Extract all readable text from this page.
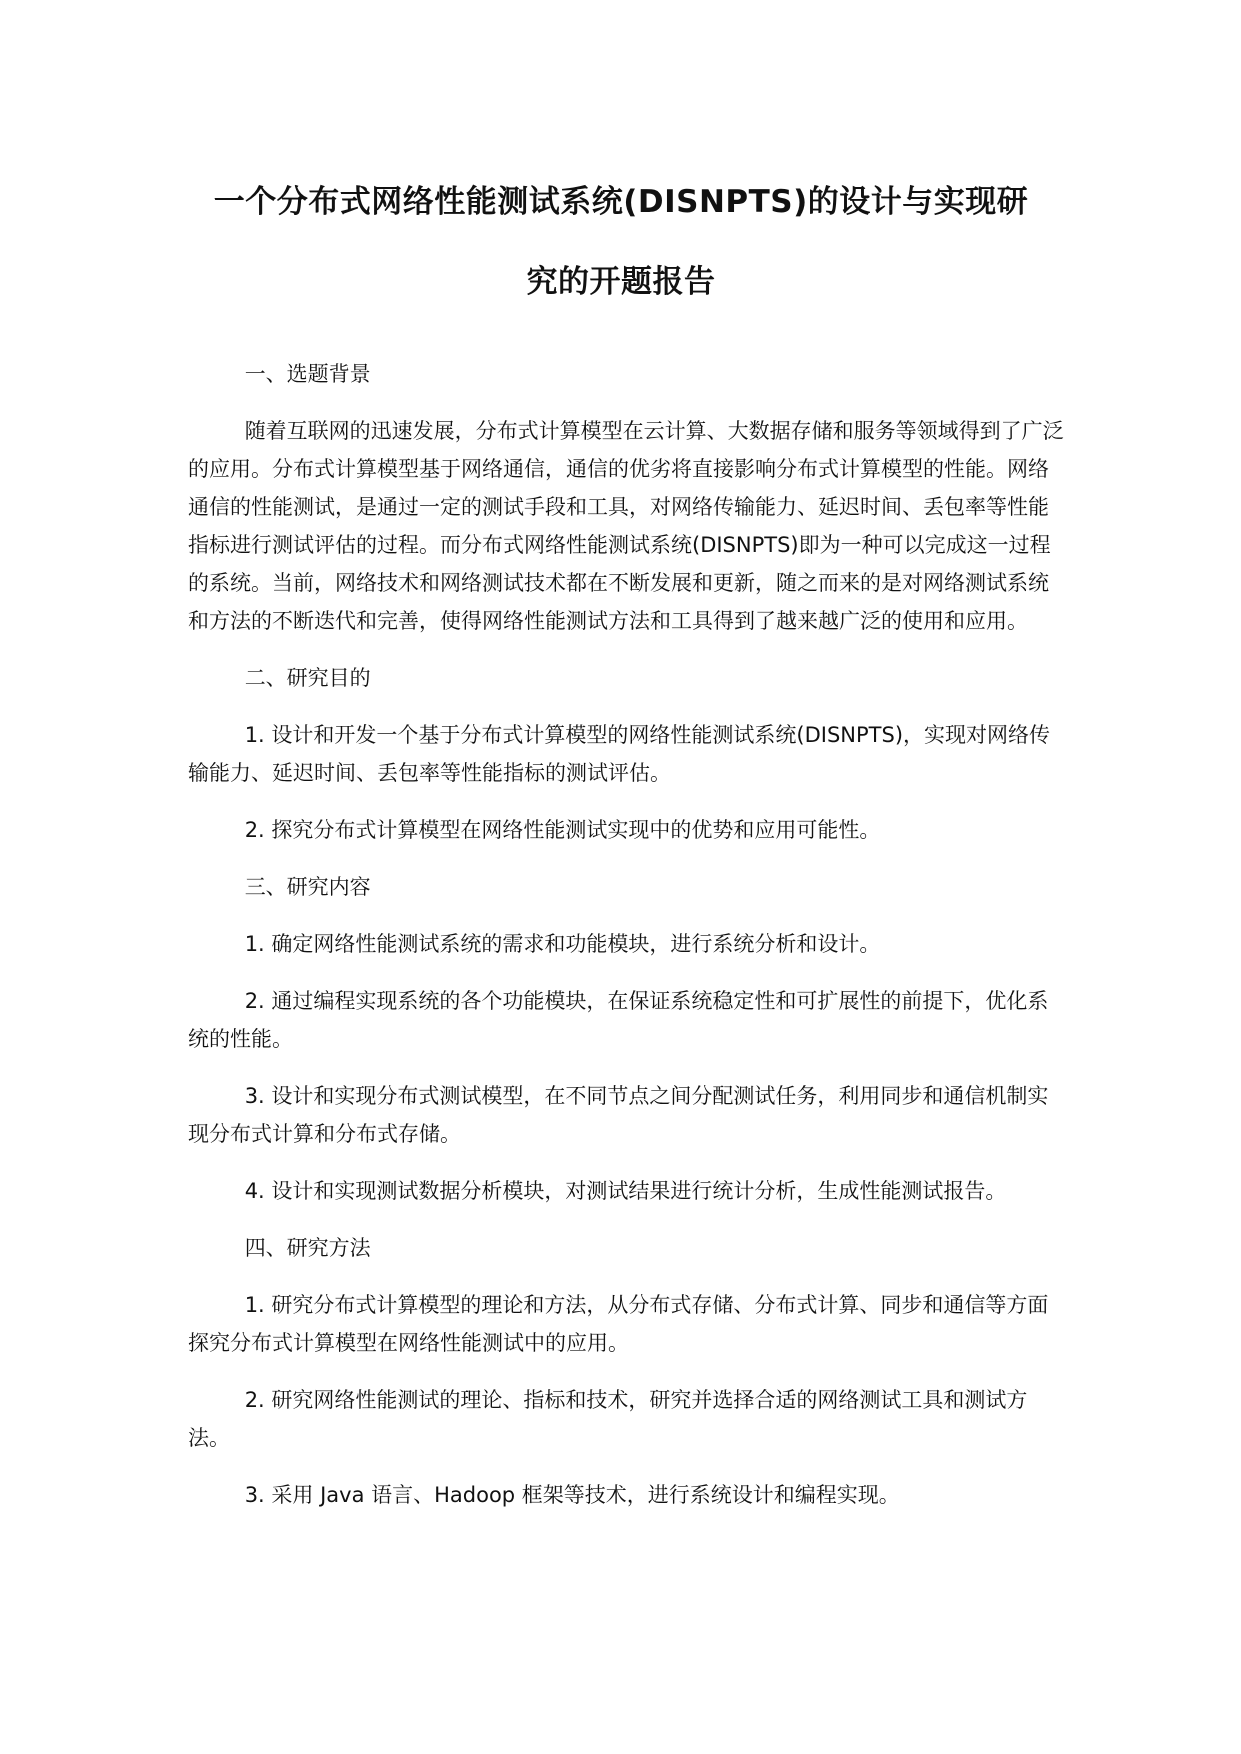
一个分布式网络性能测试系统(DISNPTS)的设计与实现研
究的开题报告
一、选题背景

随着互联网的迅速发展，分布式计算模型在云计算、大数据存储和服务等领域得到了广泛的应用。分布式计算模型基于网络通信，通信的优劣将直接影响分布式计算模型的性能。网络通信的性能测试，是通过一定的测试手段和工具，对网络传输能力、延迟时间、丢包率等性能指标进行测试评估的过程。而分布式网络性能测试系统(DISNPTS)即为一种可以完成这一过程的系统。当前，网络技术和网络测试技术都在不断发展和更新，随之而来的是对网络测试系统和方法的不断迭代和完善，使得网络性能测试方法和工具得到了越来越广泛的使用和应用。

二、研究目的

1. 设计和开发一个基于分布式计算模型的网络性能测试系统(DISNPTS)，实现对网络传输能力、延迟时间、丢包率等性能指标的测试评估。

2. 探究分布式计算模型在网络性能测试实现中的优势和应用可能性。

三、研究内容

1. 确定网络性能测试系统的需求和功能模块，进行系统分析和设计。

2. 通过编程实现系统的各个功能模块，在保证系统稳定性和可扩展性的前提下，优化系统的性能。

3. 设计和实现分布式测试模型，在不同节点之间分配测试任务，利用同步和通信机制实现分布式计算和分布式存储。

4. 设计和实现测试数据分析模块，对测试结果进行统计分析，生成性能测试报告。

四、研究方法

1. 研究分布式计算模型的理论和方法，从分布式存储、分布式计算、同步和通信等方面探究分布式计算模型在网络性能测试中的应用。

2. 研究网络性能测试的理论、指标和技术，研究并选择合适的网络测试工具和测试方法。

3. 采用 Java 语言、Hadoop 框架等技术，进行系统设计和编程实现。
